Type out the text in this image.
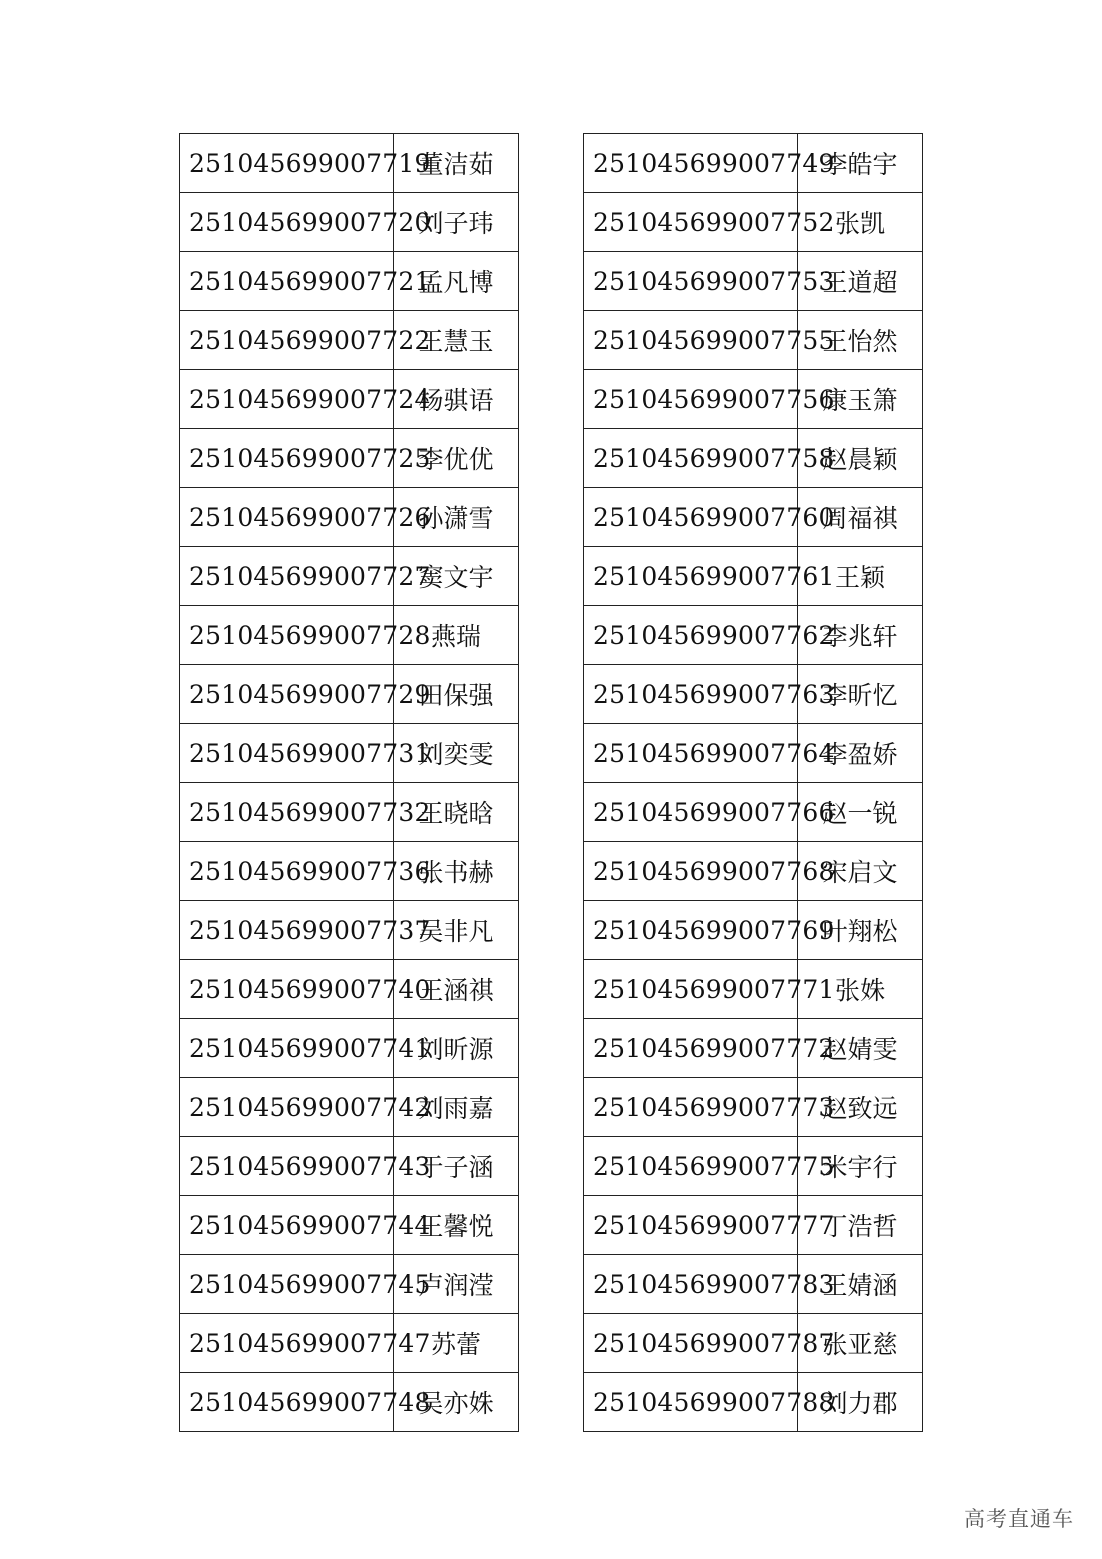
251045699007719	董洁茹
251045699007720	刘子玮
251045699007721	孟凡博
251045699007722	王慧玉
251045699007724	杨骐语
251045699007725	李优优
251045699007726	孙潇雪
251045699007727	窦文宇
251045699007728	燕瑞
251045699007729	田保强
251045699007731	刘奕雯
251045699007732	王晓晗
251045699007736	张书赫
251045699007737	吴非凡
251045699007740	王涵祺
251045699007741	刘昕源
251045699007742	刘雨嘉
251045699007743	于子涵
251045699007744	王馨悦
251045699007745	卢润滢
251045699007747	苏蕾
251045699007748	吴亦姝
251045699007749	李皓宇
251045699007752	张凯
251045699007753	王道超
251045699007755	王怡然
251045699007756	康玉箫
251045699007758	赵晨颖
251045699007760	周福祺
251045699007761	王颖
251045699007762	李兆轩
251045699007763	李昕忆
251045699007764	李盈娇
251045699007766	赵一锐
251045699007768	宋启文
251045699007769	叶翔松
251045699007771	张姝
251045699007772	赵婧雯
251045699007773	赵致远
251045699007775	米宇行
251045699007777	丁浩哲
251045699007783	王婧涵
251045699007787	张亚慈
251045699007788	刘力郡
高考直通车
